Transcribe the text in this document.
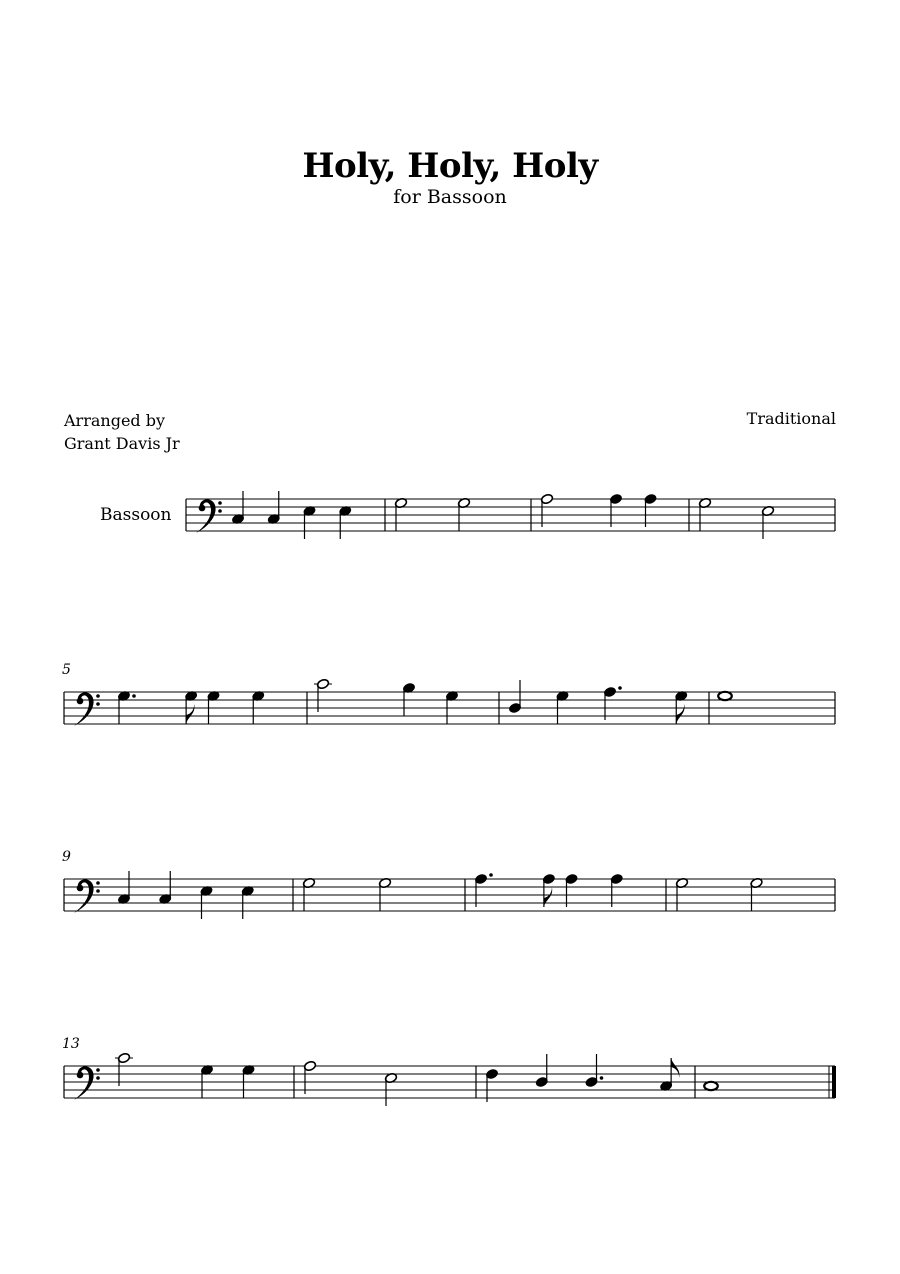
Holy, Holy, Holy
for Bassoon
Arranged by
Grant Davis Jr
Traditional
Bassoon
5
9
13
